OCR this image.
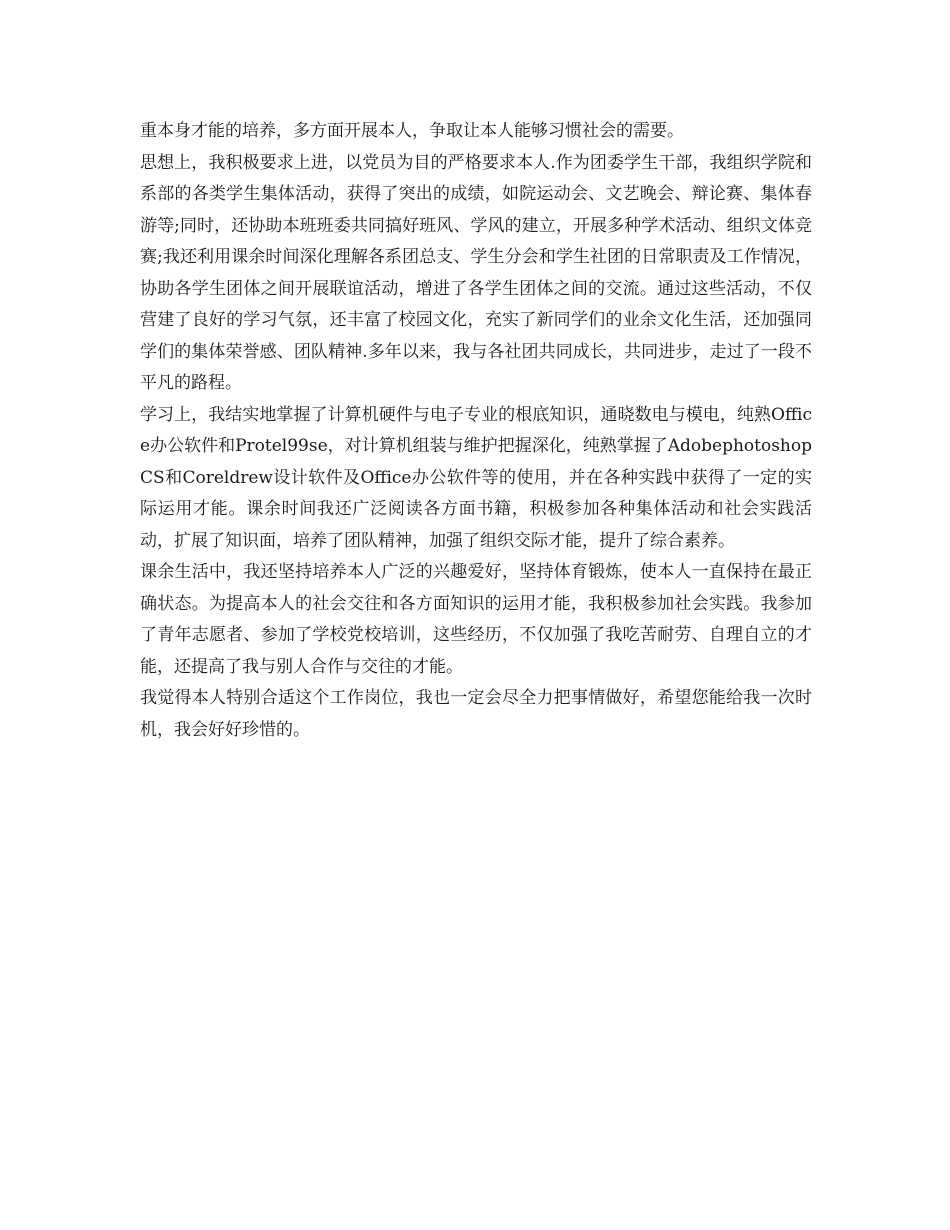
重本身才能的培养，多方面开展本人，争取让本人能够习惯社会的需要。

思想上，我积极要求上进，以党员为目的严格要求本人.作为团委学生干部，我组织学院和系部的各类学生集体活动，获得了突出的成绩，如院运动会、文艺晚会、辩论赛、集体春游等;同时，还协助本班班委共同搞好班风、学风的建立，开展多种学术活动、组织文体竞赛;我还利用课余时间深化理解各系团总支、学生分会和学生社团的日常职责及工作情况，协助各学生团体之间开展联谊活动，增进了各学生团体之间的交流。通过这些活动，不仅营建了良好的学习气氛，还丰富了校园文化，充实了新同学们的业余文化生活，还加强同学们的集体荣誉感、团队精神.多年以来，我与各社团共同成长，共同进步，走过了一段不平凡的路程。

学习上，我结实地掌握了计算机硬件与电子专业的根底知识，通晓数电与模电，纯熟Office办公软件和Protel99se，对计算机组装与维护把握深化，纯熟掌握了AdobephotoshopCS和Coreldrew设计软件及Office办公软件等的使用，并在各种实践中获得了一定的实际运用才能。课余时间我还广泛阅读各方面书籍，积极参加各种集体活动和社会实践活动，扩展了知识面，培养了团队精神，加强了组织交际才能，提升了综合素养。

课余生活中，我还坚持培养本人广泛的兴趣爱好，坚持体育锻炼，使本人一直保持在最正确状态。为提高本人的社会交往和各方面知识的运用才能，我积极参加社会实践。我参加了青年志愿者、参加了学校党校培训，这些经历，不仅加强了我吃苦耐劳、自理自立的才能，还提高了我与别人合作与交往的才能。

我觉得本人特别合适这个工作岗位，我也一定会尽全力把事情做好，希望您能给我一次时机，我会好好珍惜的。
